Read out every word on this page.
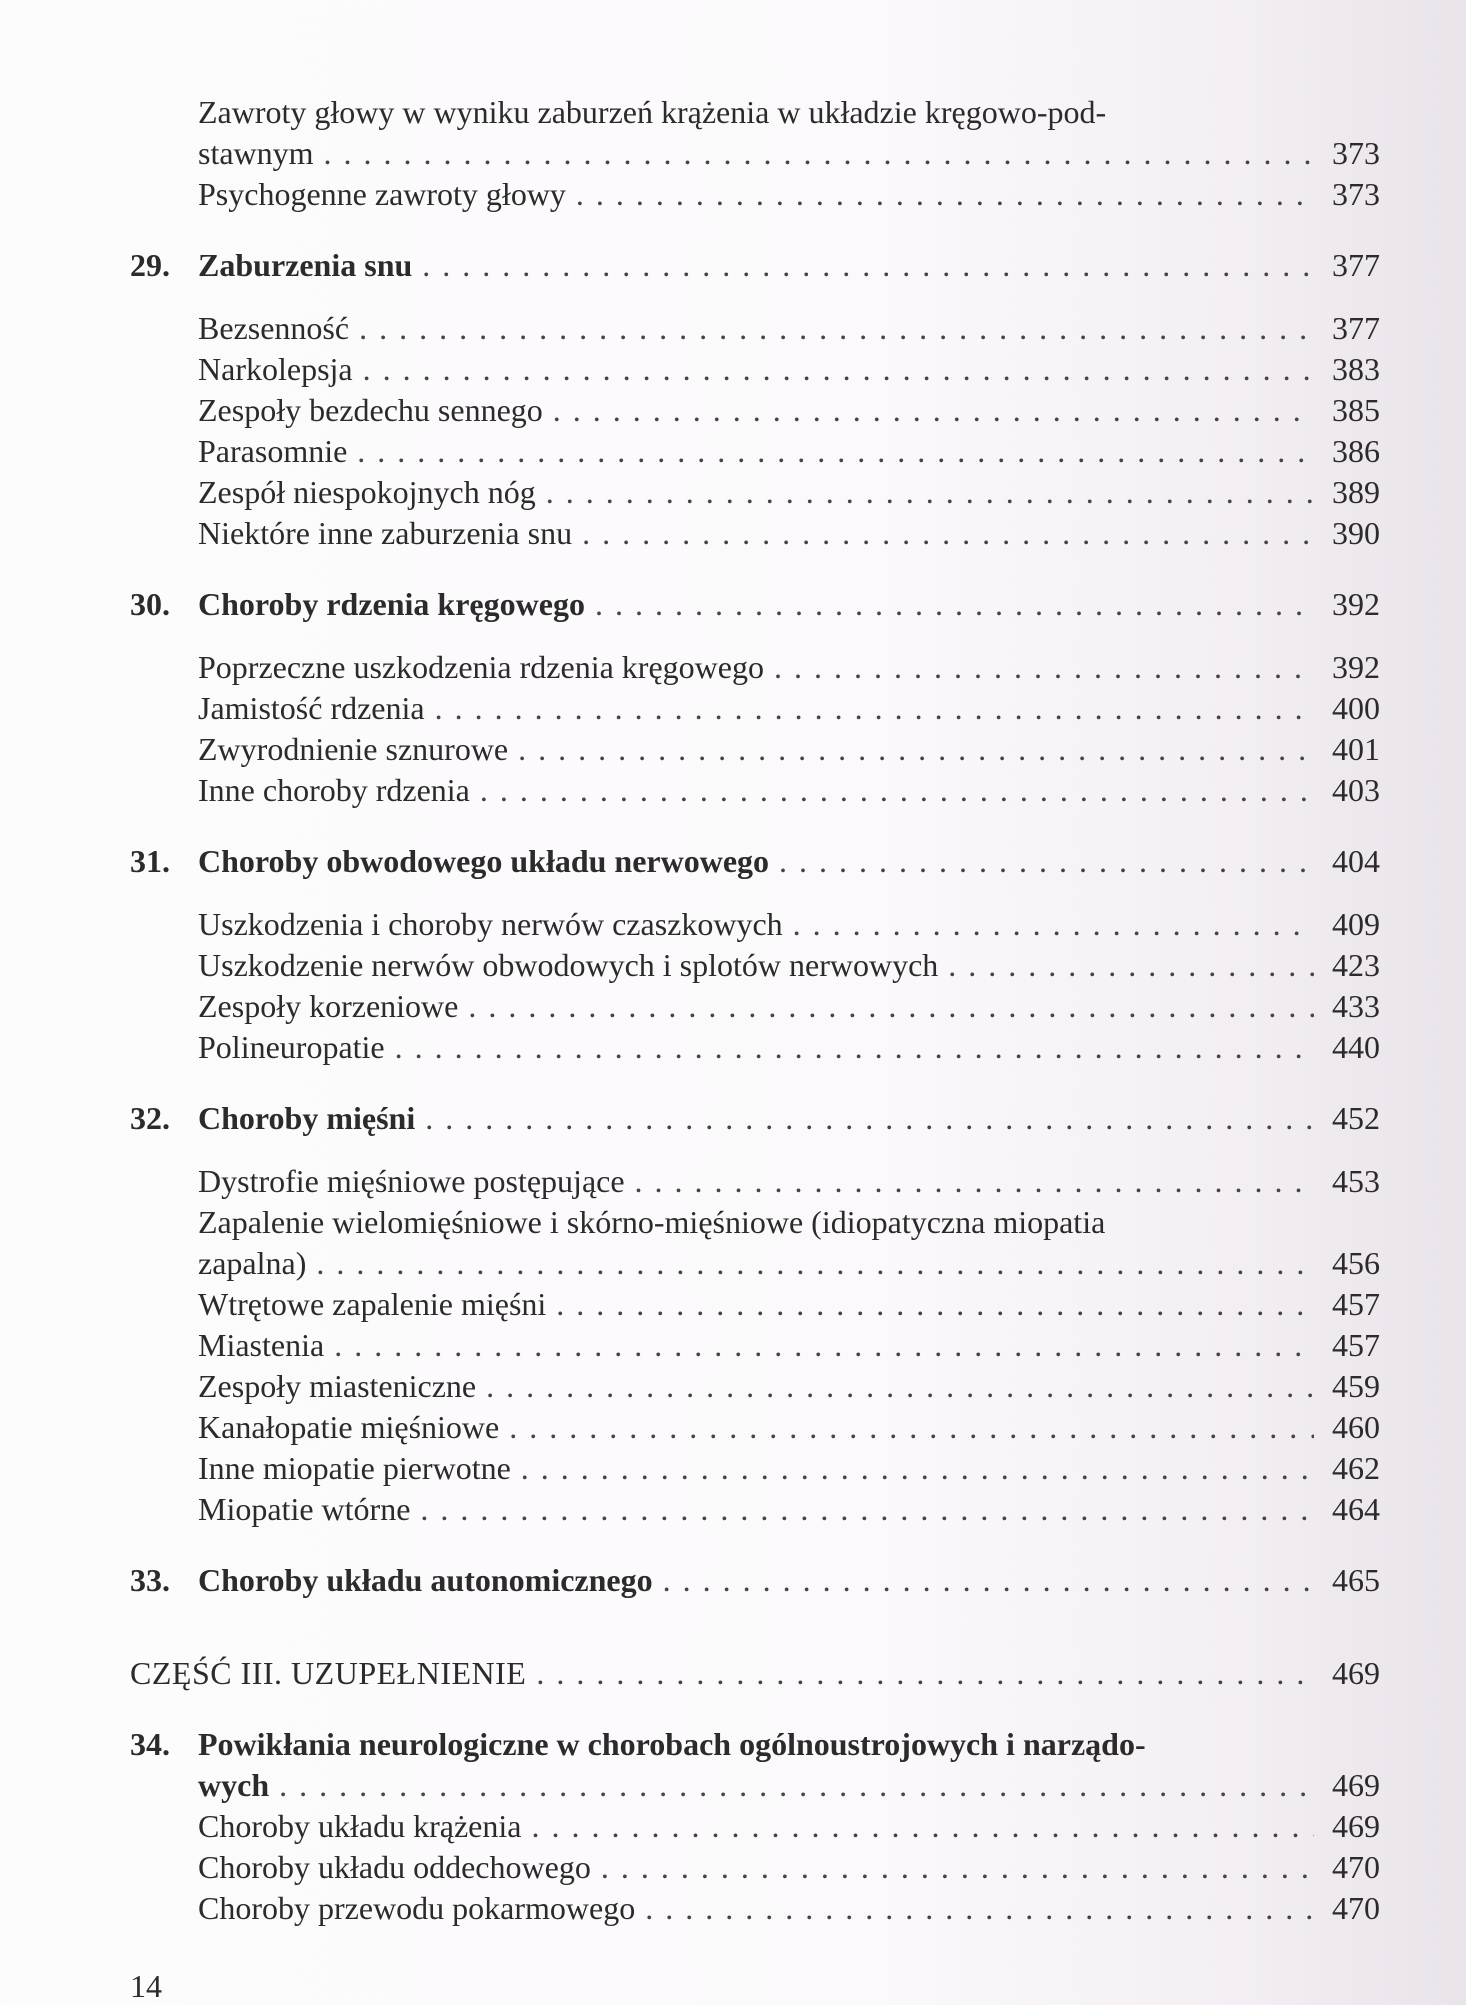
Zawroty głowy w wyniku zaburzeń krążenia w układzie kręgowo-pod-
stawnym . . .	373
Psychogenne zawroty głowy . . .	373
29. Zaburzenia snu . . .	377
Bezsenność . . .	377
Narkolepsja . . .	383
Zespoły bezdechu sennego . . .	385
Parasomnie . . .	386
Zespół niespokojnych nóg . . .	389
Niektóre inne zaburzenia snu . . .	390
30. Choroby rdzenia kręgowego . . .	392
Poprzeczne uszkodzenia rdzenia kręgowego . . .	392
Jamistość rdzenia . . .	400
Zwyrodnienie sznurowe . . .	401
Inne choroby rdzenia . . .	403
31. Choroby obwodowego układu nerwowego . . .	404
Uszkodzenia i choroby nerwów czaszkowych . . .	409
Uszkodzenie nerwów obwodowych i splotów nerwowych . . .	423
Zespoły korzeniowe . . .	433
Polineuropatie . . .	440
32. Choroby mięśni . . .	452
Dystrofie mięśniowe postępujące . . .	453
Zapalenie wielomięśniowe i skórno-mięśniowe (idiopatyczna miopatia
zapalna) . . .	456
Wtrętowe zapalenie mięśni . . .	457
Miastenia . . .	457
Zespoły miasteniczne . . .	459
Kanałopatie mięśniowe . . .	460
Inne miopatie pierwotne . . .	462
Miopatie wtórne . . .	464
33. Choroby układu autonomicznego . . .	465
CZĘŚĆ III. UZUPEŁNIENIE . . .	469
34. Powikłania neurologiczne w chorobach ogólnoustrojowych i narządo-
wych . . .	469
Choroby układu krążenia . . .	469
Choroby układu oddechowego . . .	470
Choroby przewodu pokarmowego . . .	470
14
